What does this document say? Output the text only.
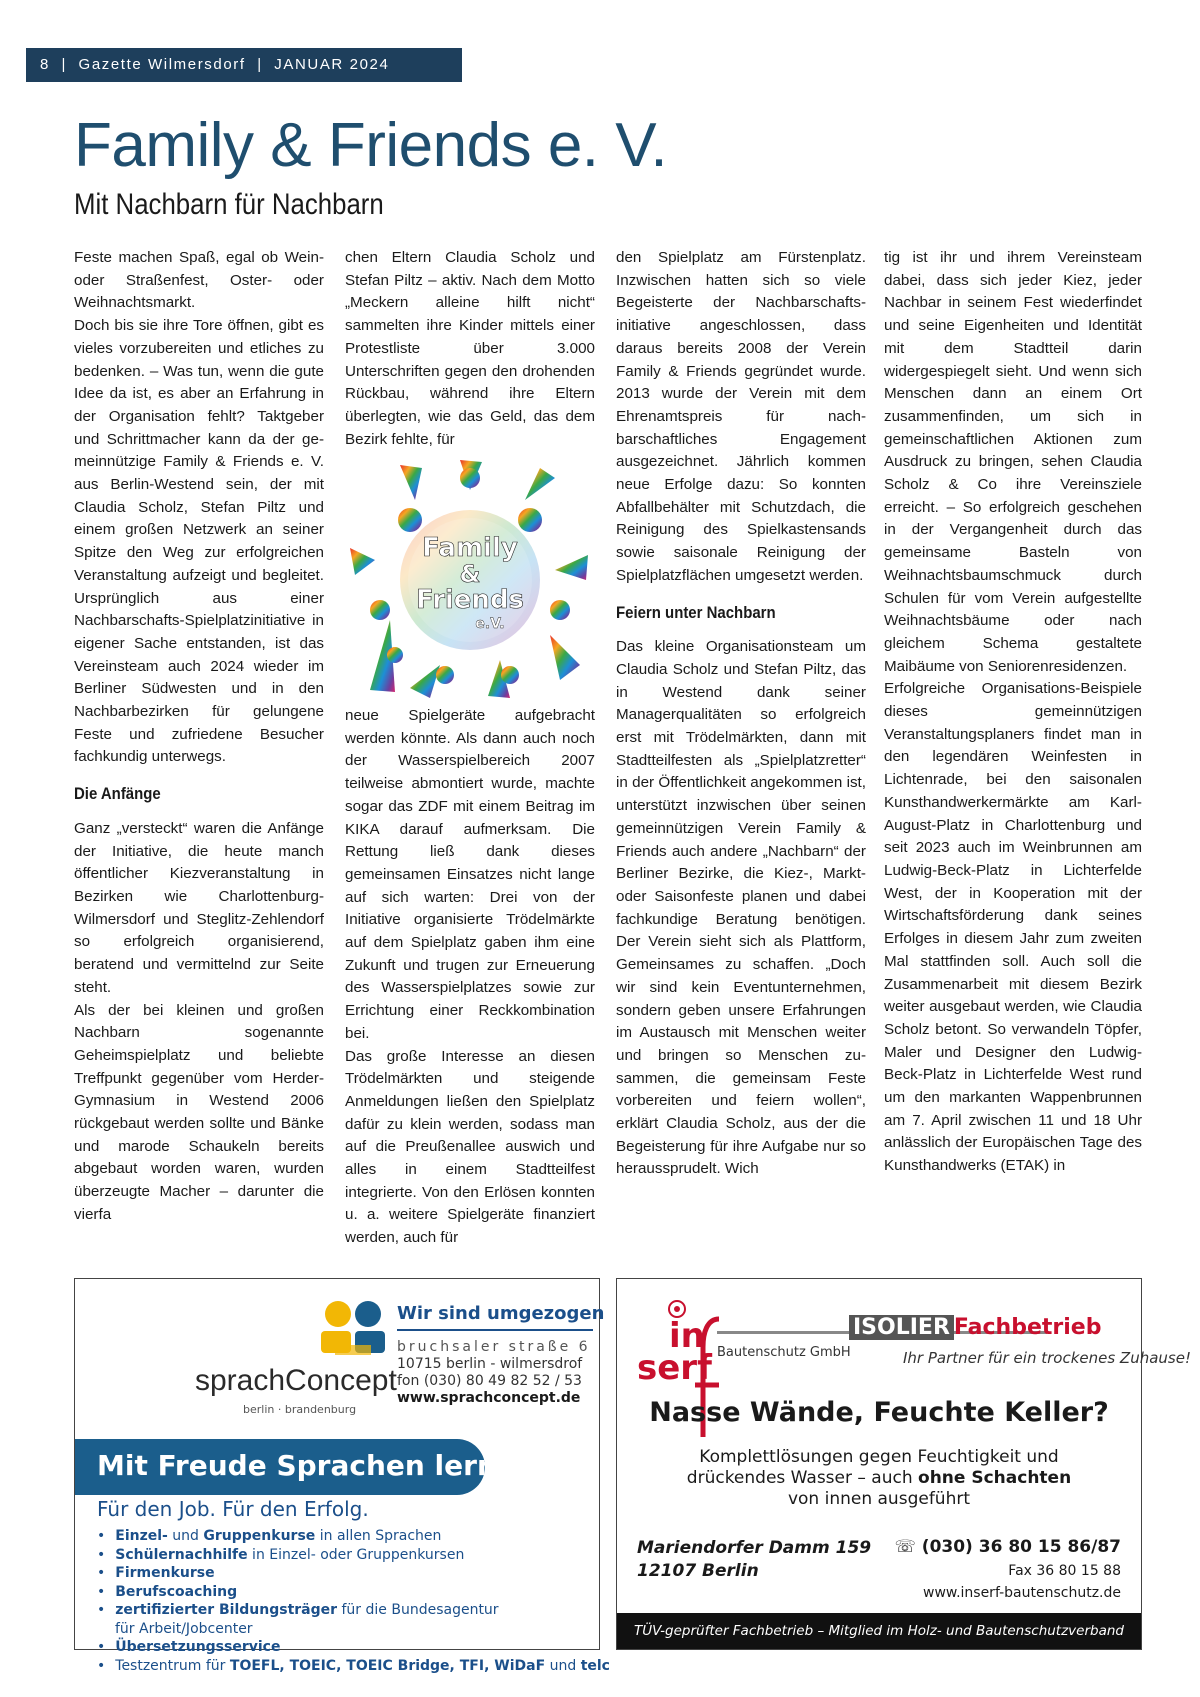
8 | Gazette Wilmersdorf | JANUAR 2024
Family & Friends e. V.
Mit Nachbarn für Nachbarn

Feste machen Spaß, egal ob Weinoder Straßenfest, Oster- oder Weihnachtsmarkt.

Doch bis sie ihre Tore öffnen, gibt es vieles vorzubereiten und etliches zu bedenken. – Was tun, wenn die gute Idee da ist, es aber an Erfahrung in der Organisation fehlt? Taktgeber und Schrittmacher kann da der gemeinnützige Family & Friends e. V. aus Berlin-Westend sein, der mit Claudia Scholz, Stefan Piltz und einem großen Netzwerk an seiner Spitze den Weg zur erfolgreichen Veranstaltung aufzeigt und begleitet. Ursprünglich aus einer Nachbarschafts-Spielplatzinitiative in eigener Sache entstanden, ist das Vereinsteam auch 2024 wieder im Berliner Südwesten und in den Nachbarbezirken für gelungene Feste und zufriedene Besucher fachkundig unterwegs.

Die Anfänge

Ganz „versteckt“ waren die Anfänge der Initiative, die heute manch öffentlicher Kiezveranstaltung in Bezirken wie Charlottenburg-Wilmersdorf und Steglitz-Zehlendorf so erfolgreich organisierend, beratend und vermittelnd zur Seite steht.

Als der bei kleinen und großen Nachbarn sogenannte Geheimspielplatz und beliebte Treffpunkt gegenüber vom Herder-Gymnasium in Westend 2006 rückgebaut werden sollte und Bänke und marode Schaukeln bereits abgebaut worden waren, wurden überzeugte Macher – darunter die vierfa

chen Eltern Claudia Scholz und Stefan Piltz – aktiv. Nach dem Motto „Meckern alleine hilft nicht“ sammelten ihre Kinder mittels einer Protestliste über 3.000 Unterschriften gegen den drohenden Rückbau, während ihre Eltern überlegten, wie das Geld, das dem Bezirk fehlte, für

Family
&
Friends
e.V.

neue Spielgeräte aufgebracht werden könnte. Als dann auch noch der Wasserspielbereich 2007 teilweise abmontiert wurde, machte sogar das ZDF mit einem Beitrag im KIKA darauf aufmerksam. Die Rettung ließ dank dieses gemeinsamen Einsatzes nicht lange auf sich warten: Drei von der Initiative organisierte Trödelmärkte auf dem Spielplatz gaben ihm eine Zukunft und trugen zur Erneuerung des Wasserspielplatzes sowie zur Errichtung einer Reckkombination bei.

Das große Interesse an diesen Trödelmärkten und steigende Anmeldungen ließen den Spielplatz dafür zu klein werden, sodass man auf die Preußenallee auswich und alles in einem Stadtteilfest integrierte. Von den Erlösen konnten u. a. weitere Spielgeräte finanziert werden, auch für

den Spielplatz am Fürstenplatz. Inzwischen hatten sich so viele Begeisterte der Nachbarschaftsinitiative angeschlossen, dass daraus bereits 2008 der Verein Family & Friends gegründet wurde. 2013 wurde der Verein mit dem Ehrenamtspreis für nachbarschaftliches Engagement ausgezeichnet. Jährlich kommen neue Erfolge dazu: So konnten Abfallbehälter mit Schutzdach, die Reinigung des Spielkastensands sowie saisonale Reinigung der Spielplatzflächen umgesetzt werden.

Feiern unter Nachbarn

Das kleine Organisationsteam um Claudia Scholz und Stefan Piltz, das in Westend dank seiner Managerqualitäten so erfolgreich erst mit Trödelmärkten, dann mit Stadtteilfesten als „Spielplatzretter“ in der Öffentlichkeit angekommen ist, unterstützt inzwischen über seinen gemeinnützigen Verein Family & Friends auch andere „Nachbarn“ der Berliner Bezirke, die Kiez-, Markt- oder Saisonfeste planen und dabei fachkundige Beratung benötigen. Der Verein sieht sich als Plattform, Gemeinsames zu schaffen. „Doch wir sind kein Eventunternehmen, sondern geben unsere Erfahrungen im Austausch mit Menschen weiter und bringen so Menschen zusammen, die gemeinsam Feste vorbereiten und feiern wollen“, erklärt Claudia Scholz, aus der die Begeisterung für ihre Aufgabe nur so heraussprudelt. Wich

tig ist ihr und ihrem Vereinsteam dabei, dass sich jeder Kiez, jeder Nachbar in seinem Fest wiederfindet und seine Eigenheiten und Identität mit dem Stadtteil darin widergespiegelt sieht. Und wenn sich Menschen dann an einem Ort zusammenfinden, um sich in gemeinschaftlichen Aktionen zum Ausdruck zu bringen, sehen Claudia Scholz & Co ihre Vereinsziele erreicht. – So erfolgreich geschehen in der Vergangenheit durch das gemeinsame Basteln von Weihnachtsbaumschmuck durch Schulen für vom Verein aufgestellte Weihnachtsbäume oder nach gleichem Schema gestaltete Maibäume von Seniorenresidenzen.

Erfolgreiche Organisations-Beispiele dieses gemeinnützigen Veranstaltungsplaners findet man in den legendären Weinfesten in Lichtenrade, bei den saisonalen Kunsthandwerkermärkte am Karl-August-Platz in Charlottenburg und seit 2023 auch im Weinbrunnen am Ludwig-Beck-Platz in Lichterfelde West, der in Kooperation mit der Wirtschaftsförderung dank seines Erfolges in diesem Jahr zum zweiten Mal stattfinden soll. Auch soll die Zusammenarbeit mit diesem Bezirk weiter ausgebaut werden, wie Claudia Scholz betont. So verwandeln Töpfer, Maler und Designer den Ludwig-Beck-Platz in Lichterfelde West rund um den markanten Wappenbrunnen am 7. April zwischen 11 und 18 Uhr anlässlich der Europäischen Tage des Kunsthandwerks (ETAK) in

sprachConcept
berlin · brandenburg
Wir sind umgezogen
bruchsaler straße 6
10715 berlin - wilmersdrof
fon (030) 80 49 82 52 / 53
www.sprachconcept.de
Mit Freude Sprachen lernen.
Für den Job. Für den Erfolg.
• Einzel- und Gruppenkurse in allen Sprachen
• Schülernachhilfe in Einzel- oder Gruppenkursen
• Firmenkurse
• Berufscoaching
• zertifizierter Bildungsträger für die Bundesagentur
für Arbeit/Jobcenter
• Übersetzungsservice
• Testzentrum für TOEFL, TOEIC, TOEIC Bridge, TFI, WiDaF und telc
in
serf
ISOLIER Fachbetrieb
Bautenschutz GmbH	Ihr Partner für ein trockenes Zuhause!
Nasse Wände, Feuchte Keller?
Komplettlösungen gegen Feuchtigkeit und
drückendes Wasser – auch ohne Schachten
von innen ausgeführt
Mariendorfer Damm 159
12107 Berlin
☏ (030) 36 80 15 86/87
Fax 36 80 15 88
www.inserf-bautenschutz.de
TÜV-geprüfter Fachbetrieb – Mitglied im Holz- und Bautenschutzverband
